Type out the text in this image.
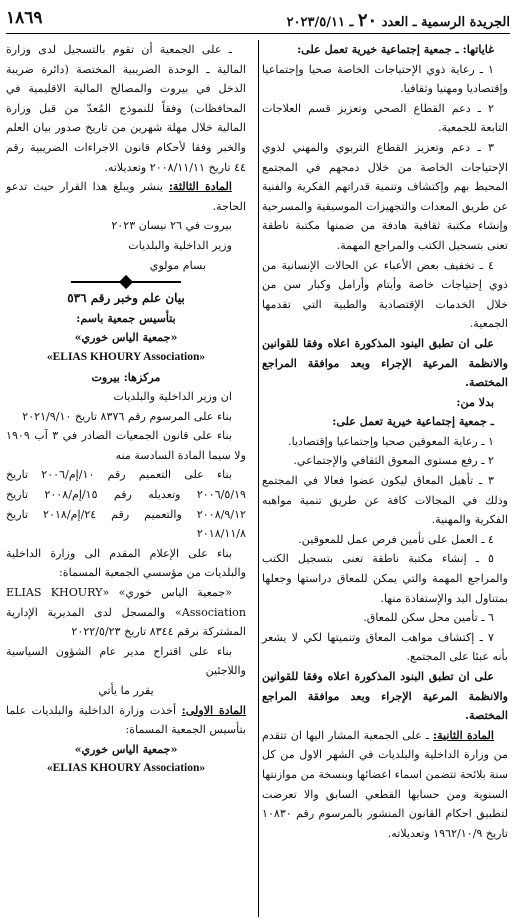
الجريدة الرسمية ـ العدد ٢٠ ـ ٢٠٢٣/٥/١١
١٨٦٩

غاياتها: ـ جمعية إجتماعية خيرية تعمل على:

١ ـ رعاية ذوي الإحتياجات الخاصة صحيا وإجتماعيا وإقتصاديا ومهنيا وثقافيا.

٢ ـ دعم القطاع الصحي وتعزيز قسم العلاجات التابعة للجمعية.

٣ ـ دعم وتعزيز القطاع التربوي والمهني لذوي الإحتياجات الخاصة من خلال دمجهم في المجتمع المحيط بهم وإكتشاف وتنمية قدراتهم الفكرية والفنية عن طريق المعدات والتجهيزات الموسيقية والمسرحية وإنشاء مكتبة ثقافية هادفة من ضمنها مكتبة ناطقة تعنى بتسجيل الكتب والمراجع المهمة.

٤ ـ تخفيف بعض الأعباء عن الحالات الإنسانية من ذوي إحتياجات خاصة وأيتام وأرامل وكبار سن من خلال الخدمات الإقتصادية والطبية التي تقدمها الجمعية.

على ان تطبق البنود المذكورة اعلاه وفقا للقوانين والانظمة المرعية الإجراء وبعد موافقة المراجع المختصة.

بدلا من:

ـ جمعية إجتماعية خيرية تعمل على:

١ ـ رعاية المعوقين صحيا وإجتماعيا وإقتصاديا.

٢ ـ رفع مستوى المعوق الثقافي والإجتماعي.

٣ ـ تأهيل المعاق ليكون عضوا فعالا في المجتمع وذلك في المجالات كافة عن طريق تنمية مواهبه الفكرية والمهنية.

٤ ـ العمل على تأمين فرص عمل للمعوقين.

٥ ـ إنشاء مكتبة ناطقة تعنى بتسجيل الكتب والمراجع المهمة والتي يمكن للمعاق دراستها وجعلها بمتناول اليد والإستفادة منها.

٦ ـ تأمين محل سكن للمعاق.

٧ ـ إكتشاف مواهب المعاق وتنميتها لكي لا يشعر بأنه عبئا على المجتمع.

على ان تطبق البنود المذكورة اعلاه وفقا للقوانين والانظمة المرعية الإجراء وبعد موافقة المراجع المختصة.

المادة الثانية: ـ على الجمعية المشار اليها ان تتقدم من وزارة الداخلية والبلديات في الشهر الاول من كل سنة بلائحة تتضمن اسماء اعضائها وبنسخة من موازنتها السنوية ومن حسابها القطعي السابق والا تعرضت لتطبيق احكام القانون المنشور بالمرسوم رقم ١٠٨٣٠ تاريخ ١٩٦٢/١٠/٩ وتعديلاته.

ـ على الجمعية أن تقوم بالتسجيل لدى وزارة المالية ـ الوحدة الضريبية المختصة (دائرة ضريبة الدخل في بيروت والمصالح المالية الاقليمية في المحافظات) وفقاً للنموذج المُعدّ من قبل وزارة المالية خلال مهلة شهرين من تاريخ صدور بيان العلم والخبر وفقا لأحكام قانون الاجراءات الضريبية رقم ٤٤ تاريخ ٢٠٠٨/١١/١١ وتعديلاته.

المادة الثالثة: ينشر ويبلغ هذا القرار حيث تدعو الحاجة.

بيروت في ٢٦ نيسان ٢٠٢٣

وزير الداخلية والبلديات

بسام مولوي

بيان علم وخبر رقم ٥٣٦

بتأسيس جمعية باسم:

«جمعية الياس خوري»

«ELIAS KHOURY Association»

مركزها: بيروت

ان وزير الداخلية والبلديات

بناء على المرسوم رقم ٨٣٧٦ تاريخ ٢٠٢١/٩/١٠

بناء على قانون الجمعيات الصادر في ٣ آب ١٩٠٩ ولا سيما المادة السادسة منه

بناء على التعميم رقم ١٠/إم/٢٠٠٦ تاريخ ٢٠٠٦/٥/١٩ وتعديله رقم ١٥/إم/٢٠٠٨ تاريخ ٢٠٠٨/٩/١٢ والتعميم رقم ٢٤/إم/٢٠١٨ تاريخ ٢٠١٨/١١/٨

بناء على الإعلام المقدم الى وزارة الداخلية والبلديات من مؤسسي الجمعية المسماة:

«جمعية الياس خوري» «ELIAS KHOURY Association» والمسجل لدى المديرية الإدارية المشتركة برقم ٨٣٤٤ تاريخ ٢٠٢٢/٥/٢٣

بناء على اقتراح مدير عام الشؤون السياسية واللاجئين

يقرر ما يأتي

المادة الاولى: أخذت وزارة الداخلية والبلديات علما بتأسيس الجمعية المسماة:

«جمعية الياس خوري»

«ELIAS KHOURY Association»
